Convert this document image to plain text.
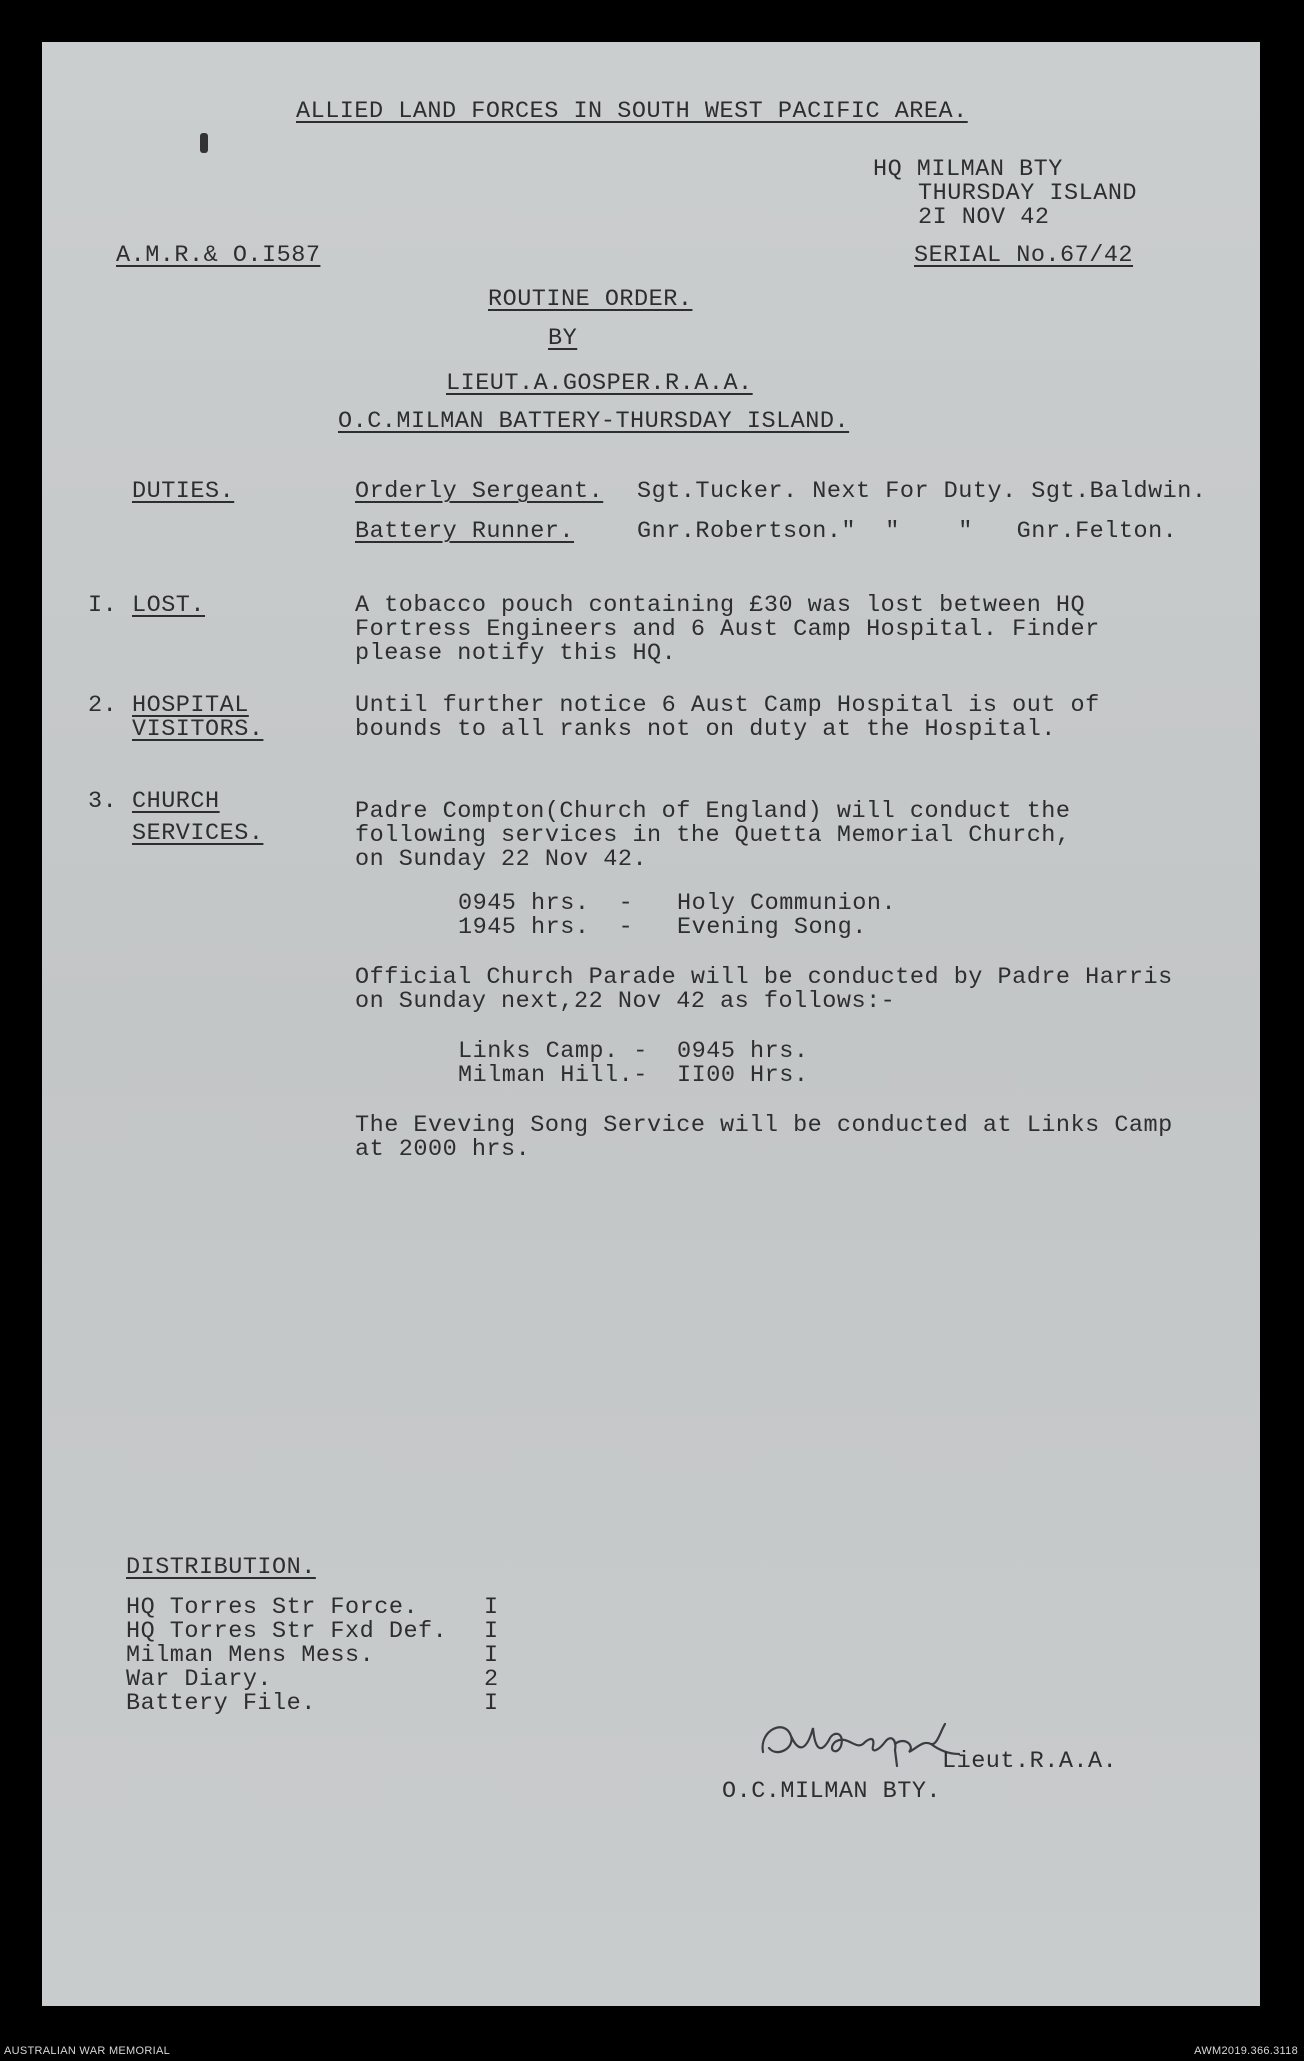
ALLIED LAND FORCES IN SOUTH WEST PACIFIC AREA.
HQ MILMAN BTY
THURSDAY ISLAND
2I NOV 42
A.M.R.& O.I587	SERIAL No.67/42
ROUTINE ORDER.
BY
LIEUT.A.GOSPER.R.A.A.
O.C.MILMAN BATTERY-THURSDAY ISLAND.
DUTIES.	Orderly Sergeant. Sgt.Tucker. Next For Duty. Sgt.Baldwin.
Battery Runner.	Gnr.Robertson."  "    "   Gnr.Felton.
I. LOST.	A tobacco pouch containing £30 was lost between HQ
Fortress Engineers and 6 Aust Camp Hospital. Finder
please notify this HQ.
2. HOSPITAL
VISITORS.
Until further notice 6 Aust Camp Hospital is out of
bounds to all ranks not on duty at the Hospital.
3. CHURCH
SERVICES.
Padre Compton(Church of England) will conduct the
following services in the Quetta Memorial Church,
on Sunday 22 Nov 42.
0945 hrs.  -   Holy Communion.
1945 hrs.  -   Evening Song.
Official Church Parade will be conducted by Padre Harris
on Sunday next,22 Nov 42 as follows:-
Links Camp. -  0945 hrs.
Milman Hill.-  II00 Hrs.
The Eveving Song Service will be conducted at Links Camp
at 2000 hrs.
DISTRIBUTION.
HQ Torres Str Force.	I
HQ Torres Str Fxd Def. I
Milman Mens Mess.	I
War Diary.	2
Battery File.	I
Lieut.R.A.A.
O.C.MILMAN BTY.
AUSTRALIAN WAR MEMORIAL	AWM2019.366.3118
